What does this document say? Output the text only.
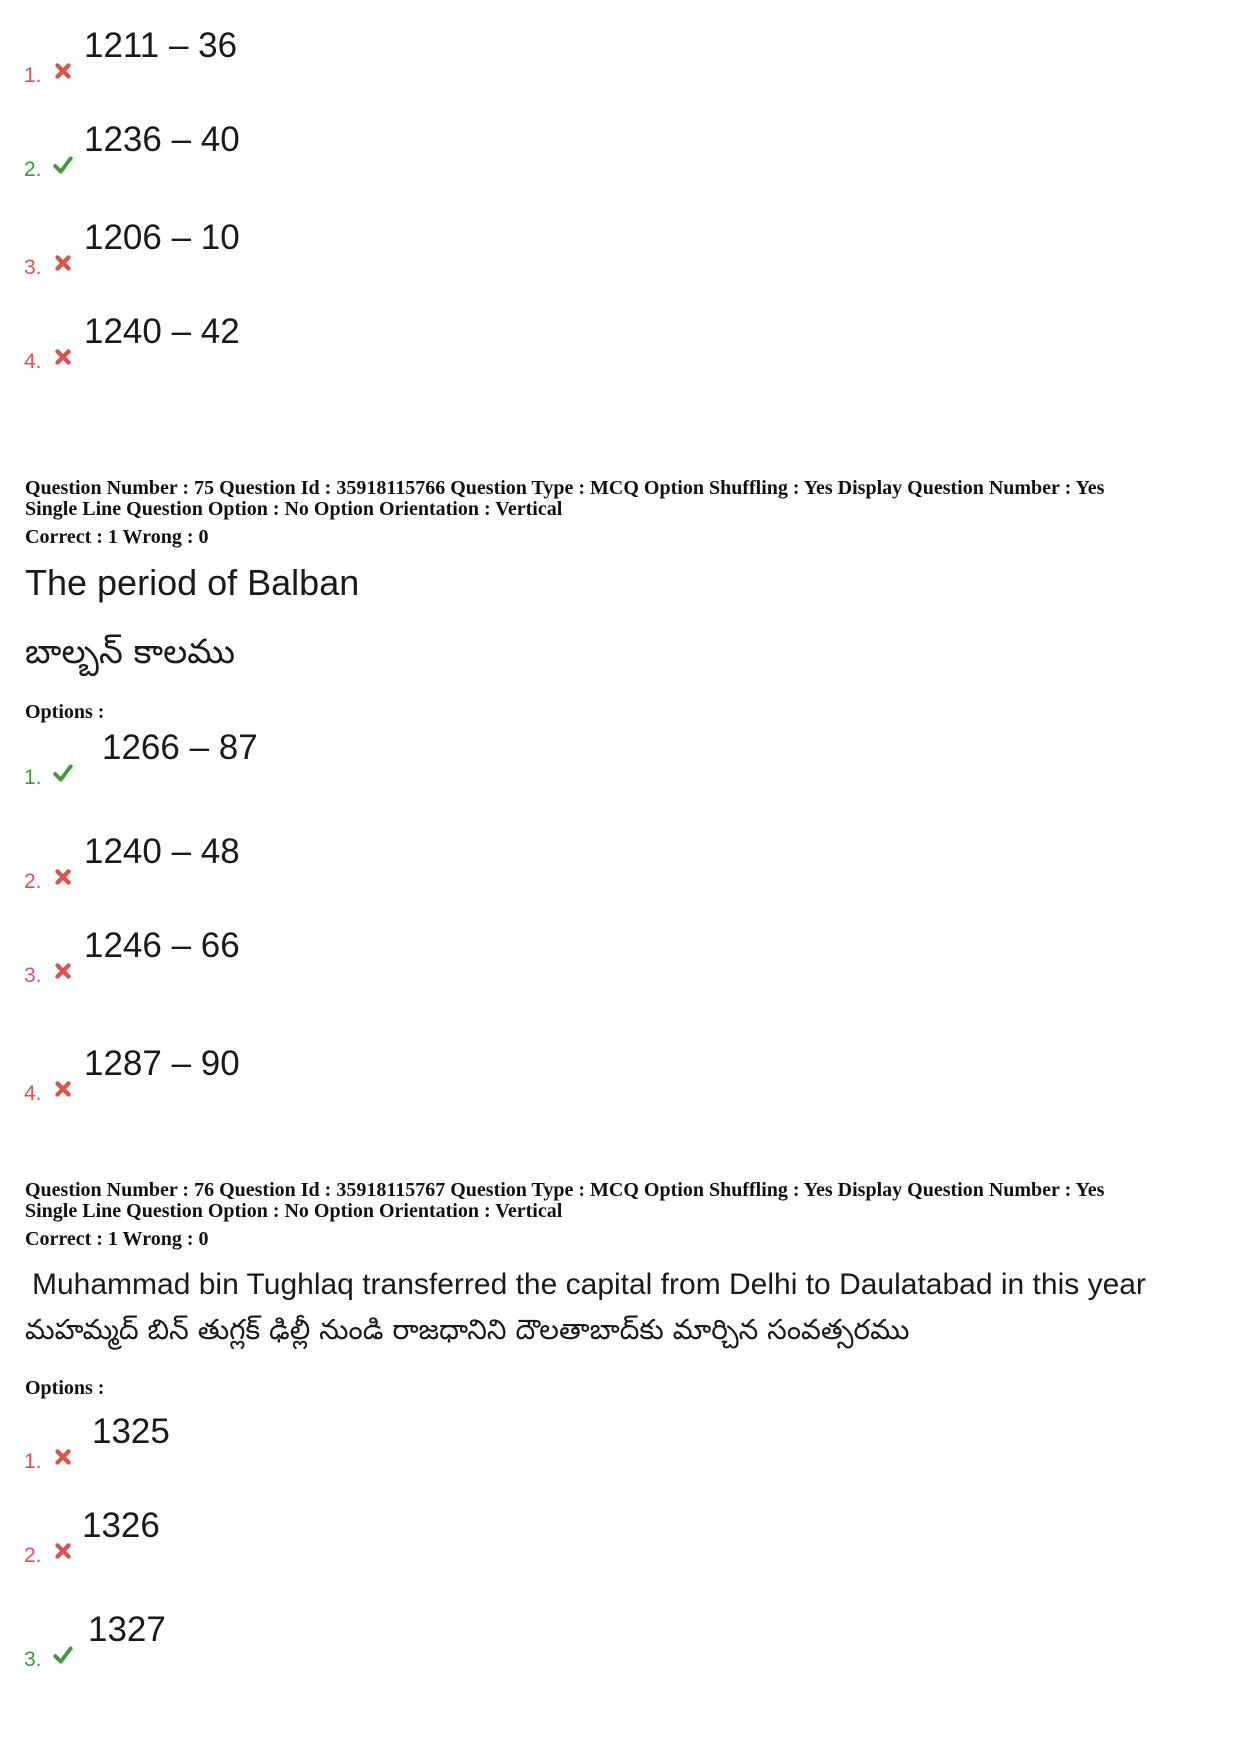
1.
1211 – 36
2.
1236 – 40
3.
1206 – 10
4.
1240 – 42
Question Number : 75 Question Id : 35918115766 Question Type : MCQ Option Shuffling : Yes Display Question Number : Yes
Single Line Question Option : No Option Orientation : Vertical
Correct : 1 Wrong : 0
The period of Balban
బాల్బన్ కాలము
Options :
1.
1266 – 87
2.
1240 – 48
3.
1246 – 66
4.
1287 – 90
Question Number : 76 Question Id : 35918115767 Question Type : MCQ Option Shuffling : Yes Display Question Number : Yes
Single Line Question Option : No Option Orientation : Vertical
Correct : 1 Wrong : 0
Muhammad bin Tughlaq transferred the capital from Delhi to Daulatabad in this year
మహమ్మద్ బిన్ తుగ్లక్ ఢిల్లీ నుండి రాజధానిని దౌలతాబాద్‌కు మార్చిన సంవత్సరము
Options :
1.
1325
2.
1326
3.
1327
